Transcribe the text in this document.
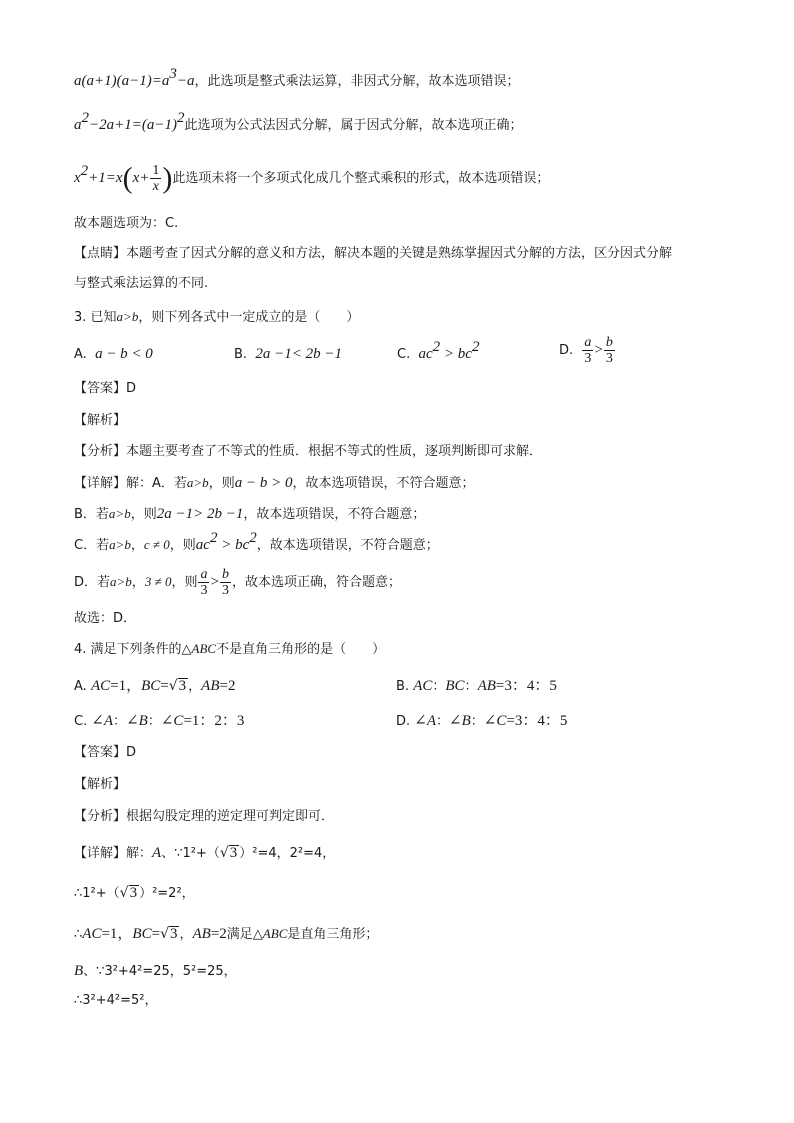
$a(a+1)(a-1)=a^3-a$，此选项是整式乘法运算，非因式分解，故本选项错误；
$a^2-2a+1=(a-1)^2$此选项为公式法因式分解，属于因式分解，故本选项正确；
$x^2+1=x(x+ \frac{1}{x}$ )此选项未将一个多项式化成几个整式乘积的形式，故本选项错误；
故本题选项为：C.
【点睛】本题考查了因式分解的意义和方法，解决本题的关键是熟练掌握因式分解的方法，区分因式分解
与整式乘法运算的不同.
3. 已知a>b，则下列各式中一定成立的是（　　）
A. a − b < 0	B. 2a −1< 2b −1	C. $ac^2 > bc^2$	D. $\frac{a}{3} > \frac{b}{3}$
【答案】D
【解析】
【分析】本题主要考查了不等式的性质．根据不等式的性质，逐项判断即可求解．
【详解】解：A．若a>b，则a − b > 0，故本选项错误，不符合题意；
B．若a>b，则2a −1> 2b −1，故本选项错误，不符合题意；
C．若a>b，c ≠ 0，则$ac^2 > bc^2$，故本选项错误，不符合题意；
D．若a>b，3 ≠ 0，则 $\frac{a}{3} > \frac{b}{3}$ ，故本选项正确，符合题意；
故选：D．
4. 满足下列条件的△ABC不是直角三角形的是（　　）
A. AC=1，BC=√3 ，AB=2	B. AC：BC：AB=3：4：5
C. ∠A：∠B：∠C=1：2：3	D. ∠A：∠B：∠C=3：4：5
【答案】D
【解析】
【分析】根据勾股定理的逆定理可判定即可．
【详解】解：A、∵1²+（√3 ）²=4，2²=4，
∴1²+（√3 ）²=2²，
∴AC=1，BC=√3 ，AB=2满足△ABC是直角三角形；
B、∵3²+4²=25，5²=25，
∴3²+4²=5²，
